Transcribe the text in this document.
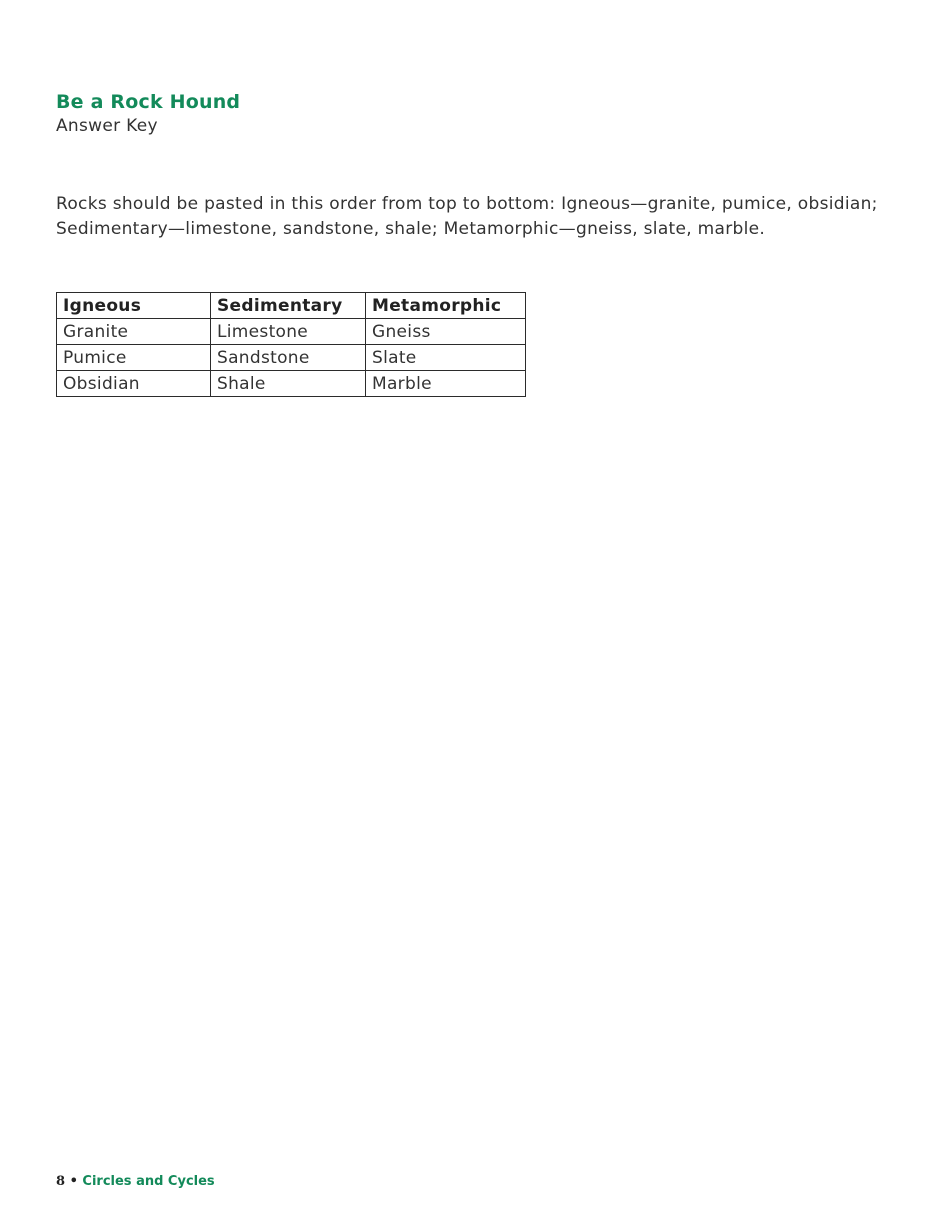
Be a Rock Hound
Answer Key
Rocks should be pasted in this order from top to bottom: Igneous—granite, pumice, obsidian; Sedimentary—limestone, sandstone, shale; Metamorphic—gneiss, slate, marble.
Igneous	Sedimentary	Metamorphic
Granite	Limestone	Gneiss
Pumice	Sandstone	Slate
Obsidian	Shale	Marble
8 • Circles and Cycles
